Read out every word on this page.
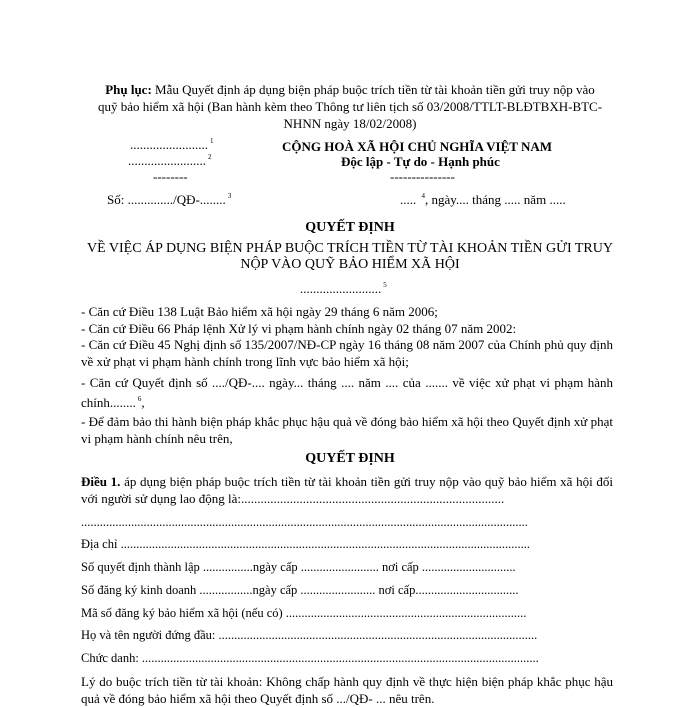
Phụ lục: Mẫu Quyết định áp dụng biện pháp buộc trích tiền từ tài khoản tiền gửi truy nộp vào
quỹ bảo hiểm xã hội (Ban hành kèm theo Thông tư liên tịch số 03/2008/TTLT-BLĐTBXH-BTC-
NHNN ngày 18/02/2008)
........................ $^1$
........................ $^2$
--------
CỘNG HOÀ XÃ HỘI CHỦ NGHĨA VIỆT NAM
Độc lập - Tự do - Hạnh phúc
---------------
Số: ............../QĐ-........ $^3$	..... $^4$, ngày.... tháng ..... năm .....
QUYẾT ĐỊNH
VỀ VIỆC ÁP DỤNG BIỆN PHÁP BUỘC TRÍCH TIỀN TỪ TÀI KHOẢN TIỀN GỬI TRUY
NỘP VÀO QUỸ BẢO HIỂM XÃ HỘI
......................... $^5$
- Căn cứ Điều 138 Luật Bảo hiểm xã hội ngày 29 tháng 6 năm 2006;
- Căn cứ Điều 66 Pháp lệnh Xử lý vi phạm hành chính ngày 02 tháng 07 năm 2002:
- Căn cứ Điều 45 Nghị định số 135/2007/NĐ-CP ngày 16 tháng 08 năm 2007 của Chính phủ quy định về xử phạt vi phạm hành chính trong lĩnh vực bảo hiểm xã hội;
- Căn cứ Quyết định số ..../QĐ-.... ngày... tháng .... năm .... của ....... về việc xử phạt vi phạm hành chính........ $^6$,
- Để đảm bảo thi hành biện pháp khắc phục hậu quả về đóng bảo hiểm xã hội theo Quyết định xử phạt vi phạm hành chính nêu trên,
QUYẾT ĐỊNH
Điều 1. áp dụng biện pháp buộc trích tiền từ tài khoản tiền gửi truy nộp vào quỹ bảo hiểm xã hội đối với người sử dụng lao động là:.................................................................................
...............................................................................................................................................
Địa chỉ ...................................................................................................................................
Số quyết định thành lập ................ngày cấp ......................... nơi cấp ..............................
Số đăng ký kinh doanh .................ngày cấp ........................ nơi cấp.................................
Mã số đăng ký bảo hiểm xã hội (nếu có) .............................................................................
Họ và tên người đứng đầu: ......................................................................................................
Chức danh: ...............................................................................................................................
Lý do buộc trích tiền từ tài khoản: Không chấp hành quy định về thực hiện biện pháp khắc phục hậu quả về đóng bảo hiểm xã hội theo Quyết định số .../QĐ- ... nêu trên.
